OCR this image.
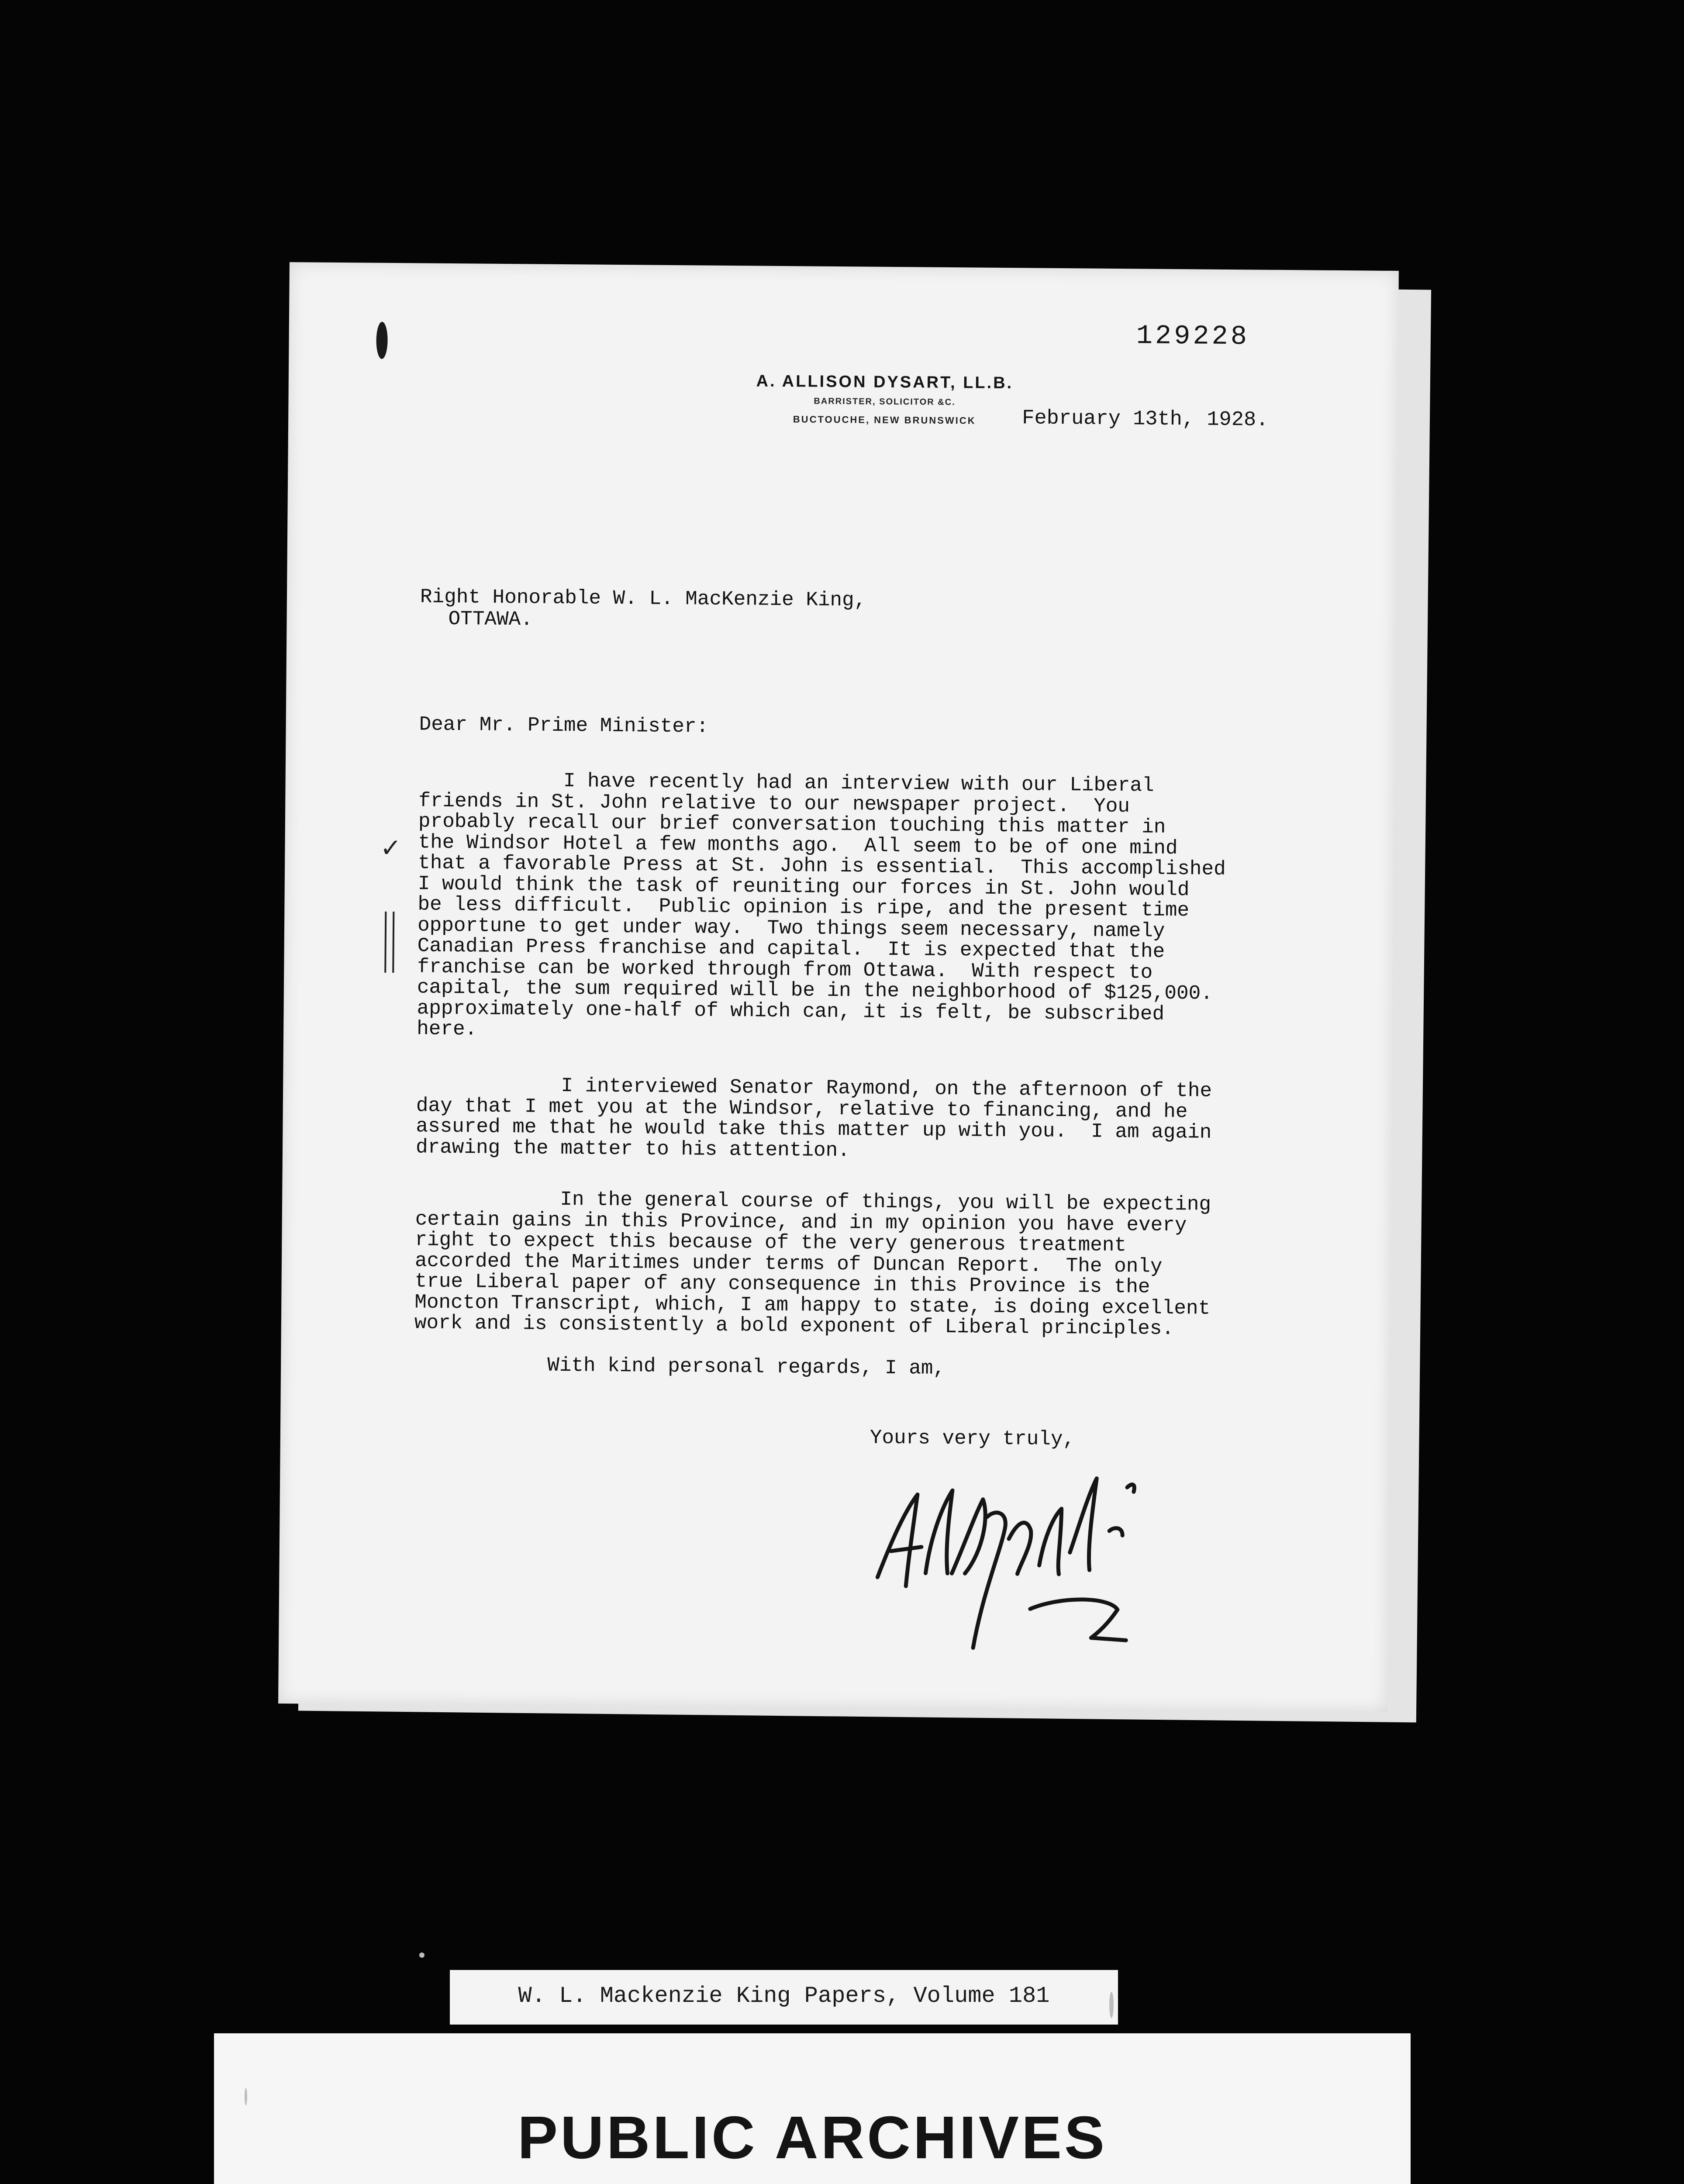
129228
A. ALLISON DYSART, LL.B.
BARRISTER, SOLICITOR &C.
BUCTOUCHE, NEW BRUNSWICK	February 13th, 1928.
Right Honorable W. L. MacKenzie King,
OTTAWA.
Dear Mr. Prime Minister:
I have recently had an interview with our Liberal
friends in St. John relative to our newspaper project.  You
probably recall our brief conversation touching this matter in
the Windsor Hotel a few months ago.  All seem to be of one mind
that a favorable Press at St. John is essential.  This accomplished
I would think the task of reuniting our forces in St. John would
be less difficult.  Public opinion is ripe, and the present time
opportune to get under way.  Two things seem necessary, namely
Canadian Press franchise and capital.  It is expected that the
franchise can be worked through from Ottawa.  With respect to
capital, the sum required will be in the neighborhood of $125,000.
approximately one-half of which can, it is felt, be subscribed
here.
I interviewed Senator Raymond, on the afternoon of the
day that I met you at the Windsor, relative to financing, and he
assured me that he would take this matter up with you.  I am again
drawing the matter to his attention.
In the general course of things, you will be expecting
certain gains in this Province, and in my opinion you have every
right to expect this because of the very generous treatment
accorded the Maritimes under terms of Duncan Report.  The only
true Liberal paper of any consequence in this Province is the
Moncton Transcript, which, I am happy to state, is doing excellent
work and is consistently a bold exponent of Liberal principles.
With kind personal regards, I am,
Yours very truly,
✓
W. L. Mackenzie King Papers, Volume 181
PUBLIC ARCHIVES
